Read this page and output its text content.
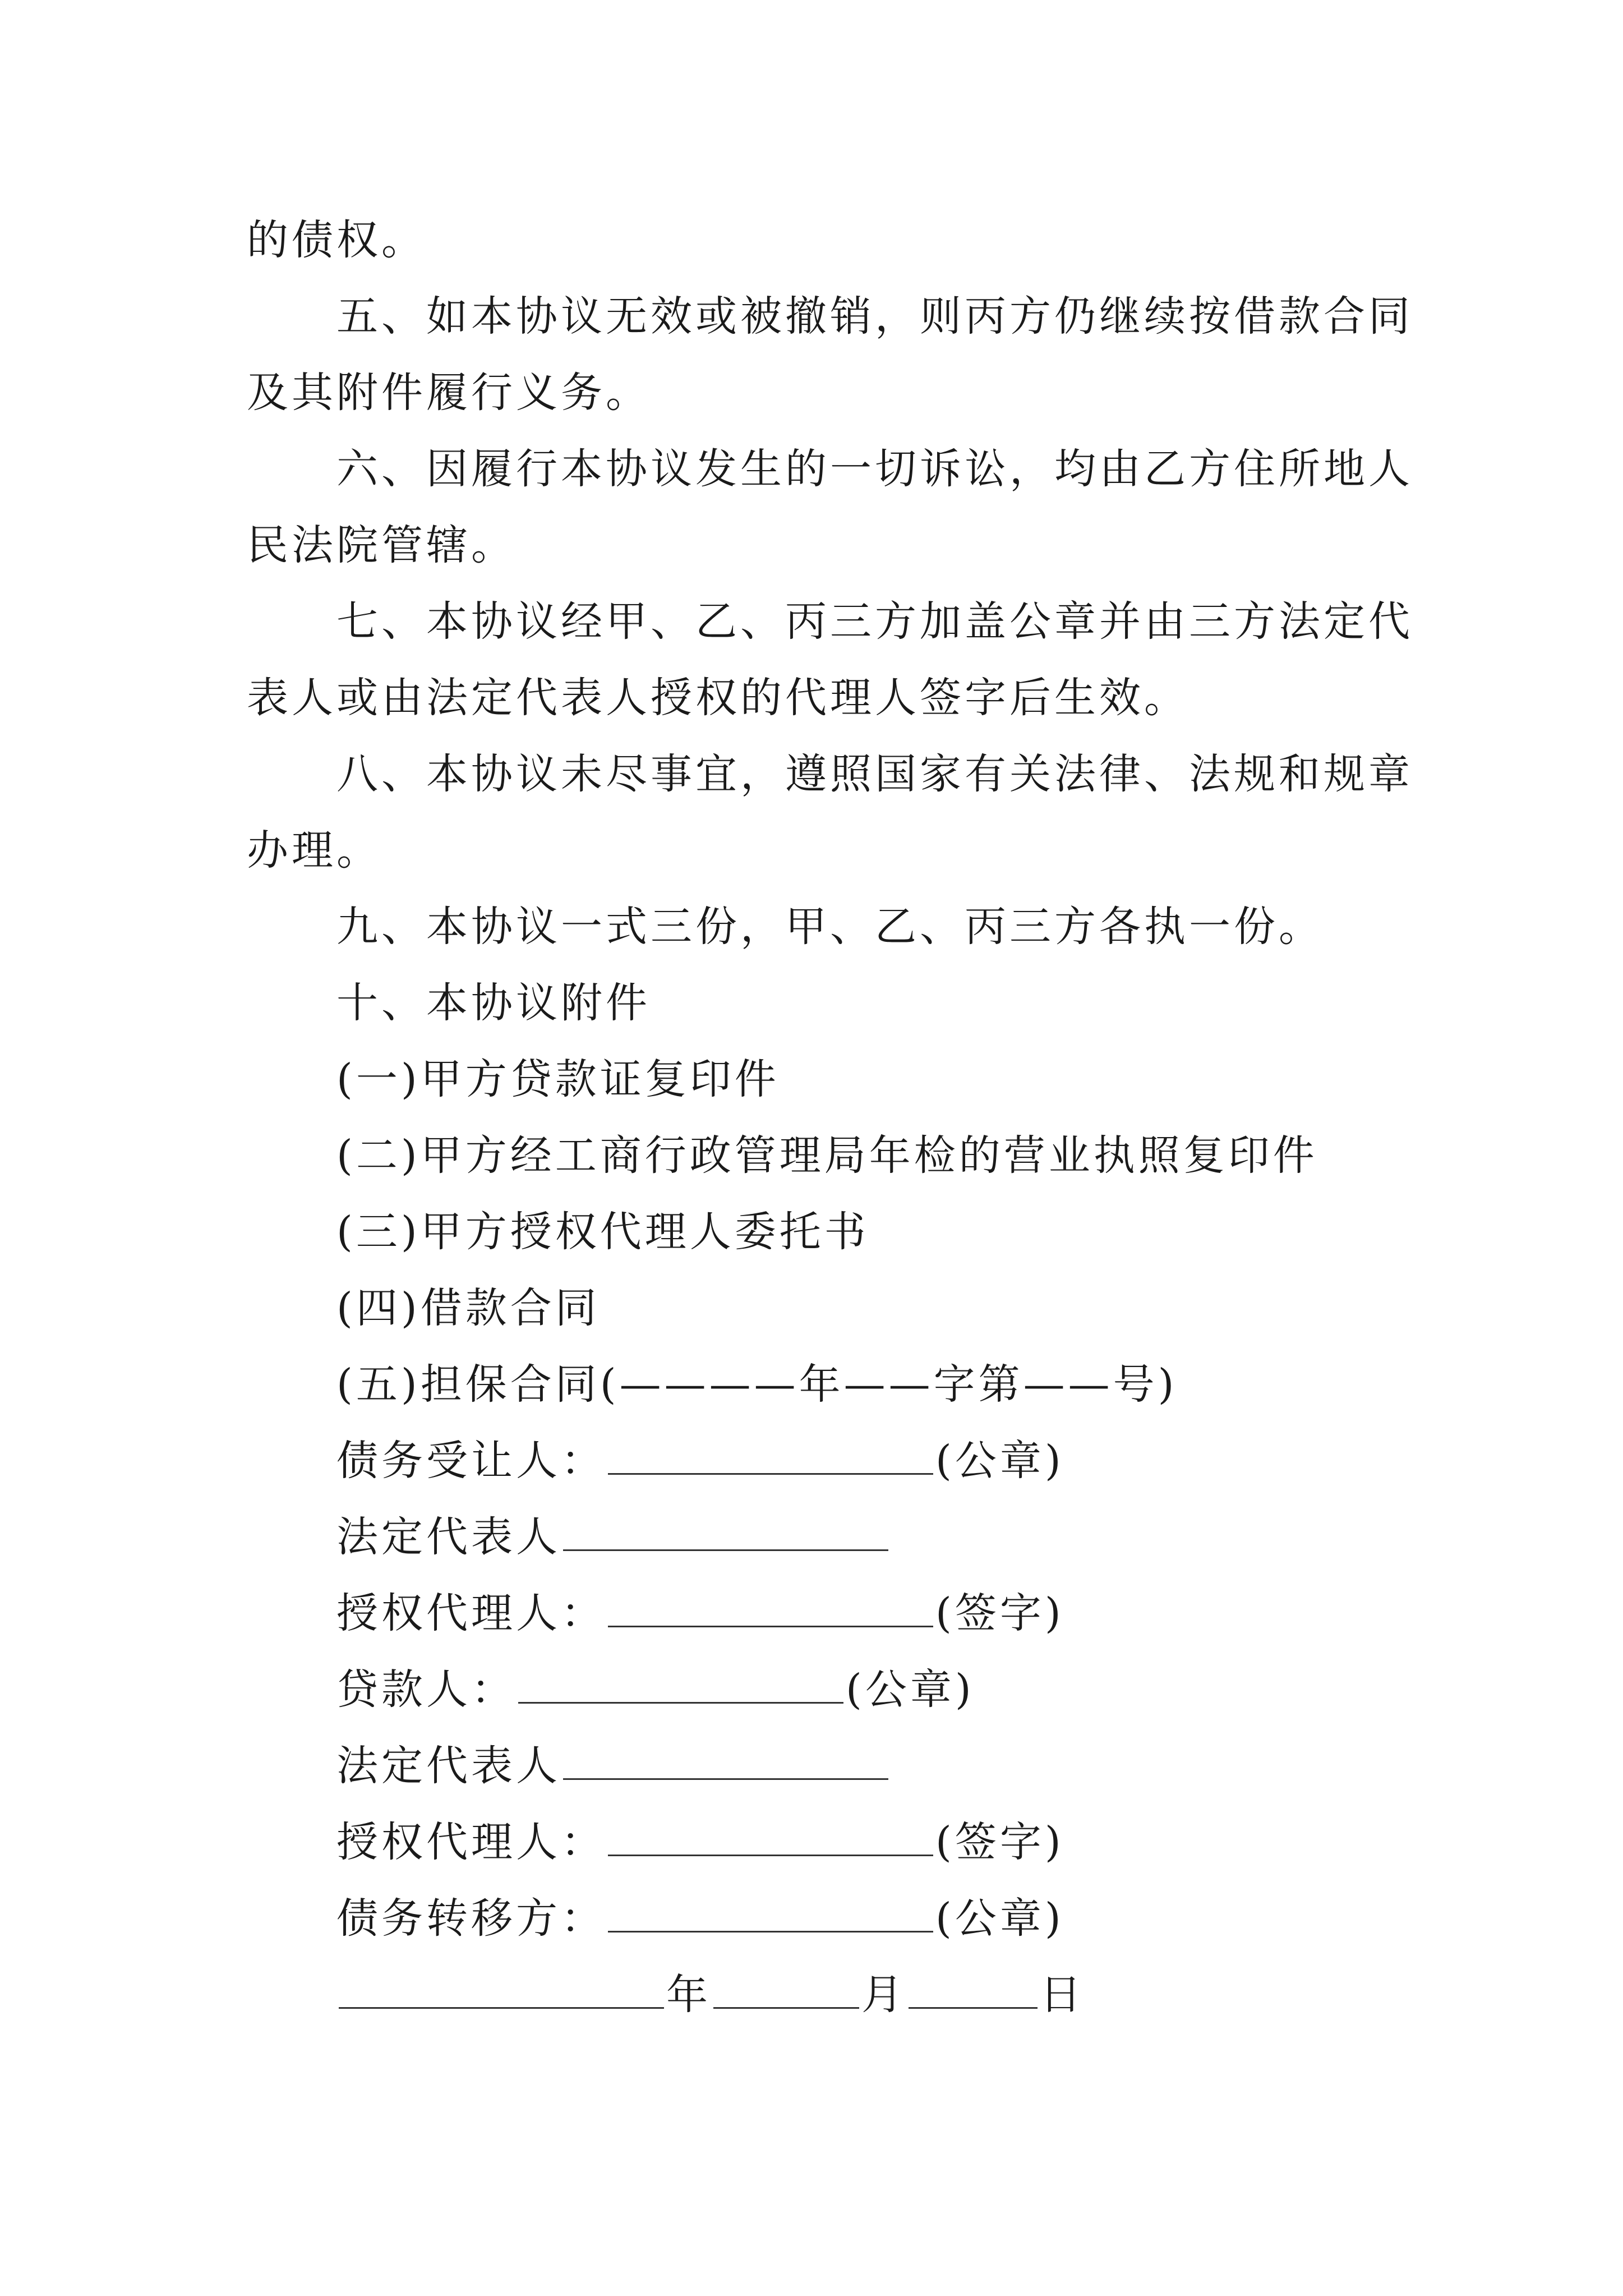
的债权。
五、如本协议无效或被撤销，则丙方仍继续按借款合同
及其附件履行义务。
六、因履行本协议发生的一切诉讼，均由乙方住所地人
民法院管辖。
七、本协议经甲、乙、丙三方加盖公章并由三方法定代
表人或由法定代表人授权的代理人签字后生效。
八、本协议未尽事宜，遵照国家有关法律、法规和规章
办理。
九、本协议一式三份，甲、乙、丙三方各执一份。
十、本协议附件
(一)甲方贷款证复印件
(二)甲方经工商行政管理局年检的营业执照复印件
(三)甲方授权代理人委托书
(四)借款合同
(五)担保合同(————年——字第——号)
债务受让人：	(公章)
法定代表人
授权代理人：	(签字)
贷款人：	(公章)
法定代表人
授权代理人：	(签字)
债务转移方：	(公章)
年	月	日
